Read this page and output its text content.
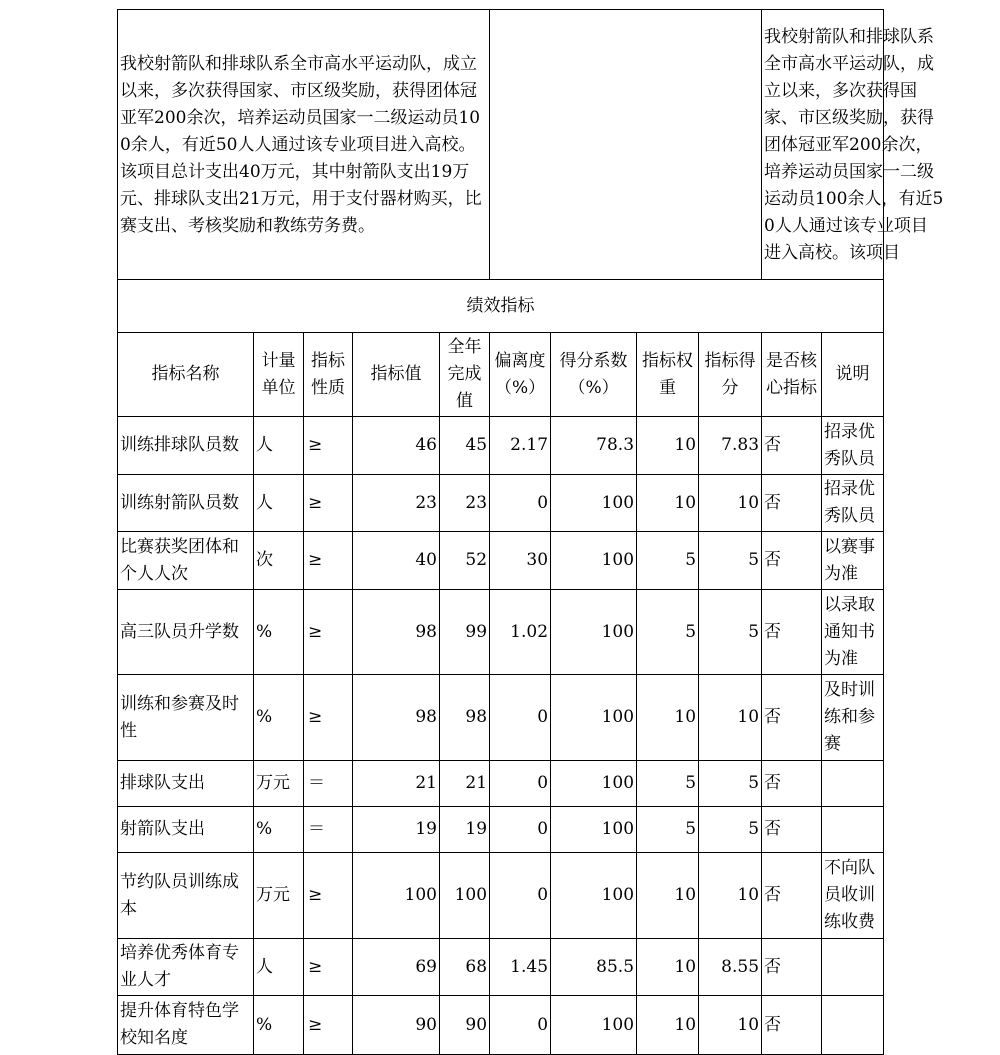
我校射箭队和排球队系全市高水平运动队，成立以来，多次获得国家、市区级奖励，获得团体冠亚军200余次，培养运动员国家一二级运动员100余人，有近50人人通过该专业项目进入高校。该项目总计支出40万元，其中射箭队支出19万元、排球队支出21万元，用于支付器材购买，比赛支出、考核奖励和教练劳务费。									我校射箭队和排球队系全市高水平运动队，成立以来，多次获得国家、市区级奖励，获得团体冠亚军200余次，培养运动员国家一二级运动员100余人，有近50人人通过该专业项目进入高校。该项目	

绩效指标										
指标名称	计量单位	指标性质	指标值	全年完成值	偏离度（%）	得分系数（%）	指标权重	指标得分	是否核心指标	说明
训练排球队员数	人	≥	46	45	2.17	78.3	10	7.83	否	招录优秀队员
训练射箭队员数	人	≥	23	23	0	100	10	10	否	招录优秀队员
比赛获奖团体和个人人次	次	≥	40	52	30	100	5	5	否	以赛事为准
高三队员升学数	%	≥	98	99	1.02	100	5	5	否	以录取通知书为准
训练和参赛及时性	%	≥	98	98	0	100	10	10	否	及时训练和参赛
排球队支出	万元	＝	21	21	0	100	5	5	否	
射箭队支出	%	＝	19	19	0	100	5	5	否	
节约队员训练成本	万元	≥	100	100	0	100	10	10	否	不向队员收训练收费
培养优秀体育专业人才	人	≥	69	68	1.45	85.5	10	8.55	否	
提升体育特色学校知名度	%	≥	90	90	0	100	10	10	否	
